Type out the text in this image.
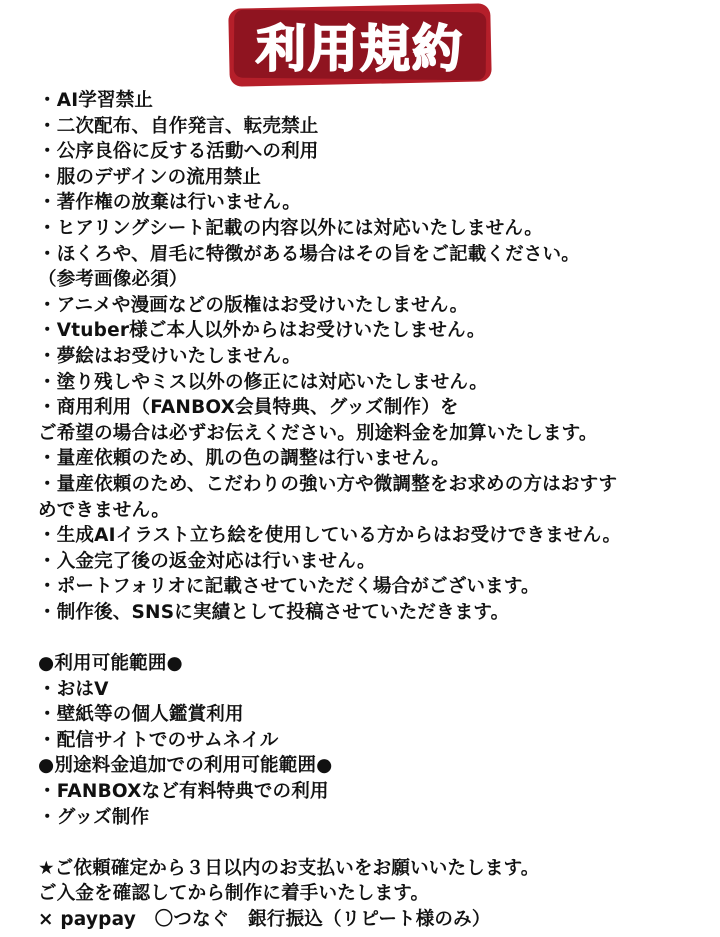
利用規約
・AI学習禁止
・二次配布、自作発言、転売禁止
・公序良俗に反する活動への利用
・服のデザインの流用禁止
・著作権の放棄は行いません。
・ヒアリングシート記載の内容以外には対応いたしません。
・ほくろや、眉毛に特徴がある場合はその旨をご記載ください。
（参考画像必須）
・アニメや漫画などの版権はお受けいたしません。
・Vtuber様ご本人以外からはお受けいたしません。
・夢絵はお受けいたしません。
・塗り残しやミス以外の修正には対応いたしません。
・商用利用（FANBOX会員特典、グッズ制作）を
ご希望の場合は必ずお伝えください。別途料金を加算いたします。
・量産依頼のため、肌の色の調整は行いません。
・量産依頼のため、こだわりの強い方や微調整をお求めの方はおすす
めできません。
・生成AIイラスト立ち絵を使用している方からはお受けできません。
・入金完了後の返金対応は行いません。
・ポートフォリオに記載させていただく場合がございます。
・制作後、SNSに実績として投稿させていただきます。
●利用可能範囲●
・おはV
・壁紙等の個人鑑賞利用
・配信サイトでのサムネイル
●別途料金追加での利用可能範囲●
・FANBOXなど有料特典での利用
・グッズ制作
★ご依頼確定から３日以内のお支払いをお願いいたします。
ご入金を確認してから制作に着手いたします。
× paypay　〇つなぐ　銀行振込（リピート様のみ）
